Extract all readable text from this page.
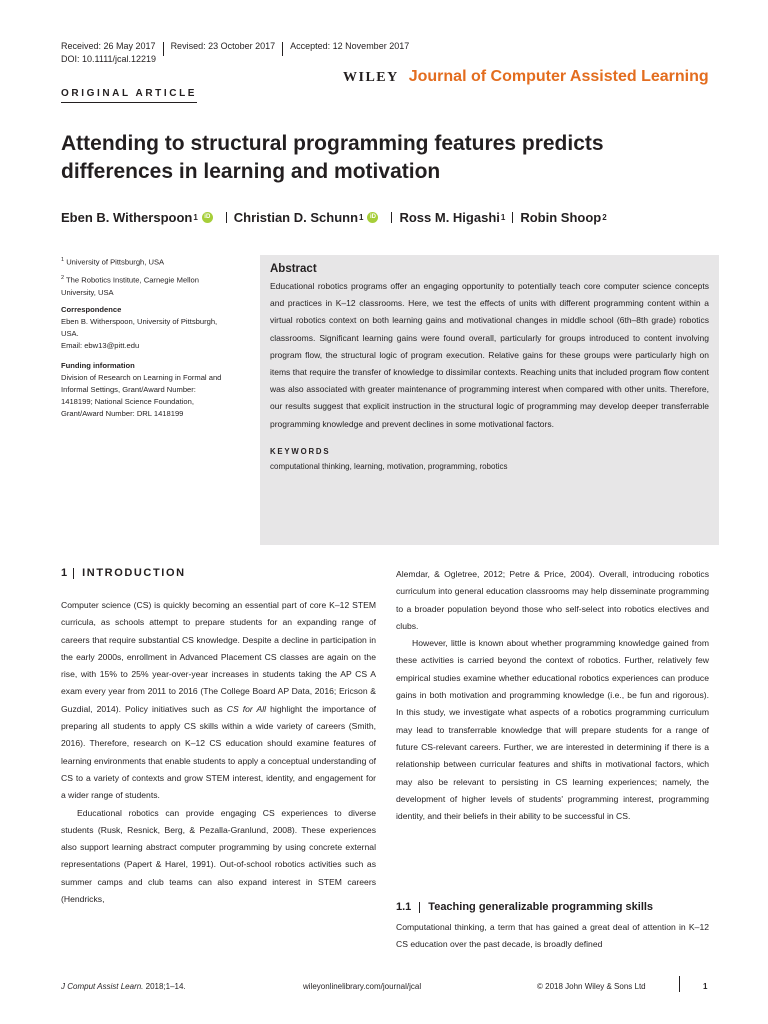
Received: 26 May 2017	Revised: 23 October 2017	Accepted: 12 November 2017
DOI: 10.1111/jcal.12219
WILEY Journal of Computer Assisted Learning
ORIGINAL ARTICLE
Attending to structural programming features predicts differences in learning and motivation
Eben B. Witherspoon 1	iD Christian D. Schunn 1	iD Ross M. Higashi 1 Robin Shoop 2
$^1$ University of Pittsburgh, USA
$^2$ The Robotics Institute, Carnegie Mellon
University, USA
Correspondence
Eben B. Witherspoon, University of Pittsburgh,
USA.
Email: ebw13@pitt.edu
Funding information
Division of Research on Learning in Formal and
Informal Settings, Grant/Award Number:
1418199; National Science Foundation,
Grant/Award Number: DRL 1418199
Abstract
Educational robotics programs offer an engaging opportunity to potentially teach core computer science concepts and practices in K–12 classrooms. Here, we test the effects of units with different programming content within a virtual robotics context on both learning gains and motivational changes in middle school (6th–8th grade) robotics classrooms. Significant learning gains were found overall, particularly for groups introduced to content involving program flow, the structural logic of program execution. Relative gains for these groups were particularly high on items that require the transfer of knowledge to dissimilar contexts. Reaching units that included program flow content was also associated with greater maintenance of programming interest when compared with other units. Therefore, our results suggest that explicit instruction in the structural logic of programming may develop deeper transferrable programming knowledge and prevent declines in some motivational factors.
KEYWORDS
computational thinking, learning, motivation, programming, robotics
1 INTRODUCTION

Computer science (CS) is quickly becoming an essential part of core K–12 STEM curricula, as schools attempt to prepare students for an expanding range of careers that require substantial CS knowledge. Despite a decline in participation in the early 2000s, enrollment in Advanced Placement CS classes are again on the rise, with 15% to 25% year-over-year increases in students taking the AP CS A exam every year from 2011 to 2016 (The College Board AP Data, 2016; Ericson & Guzdial, 2014). Policy initiatives such as CS for All highlight the importance of preparing all students to apply CS skills within a wide variety of careers (Smith, 2016). Therefore, research on K–12 CS education should examine features of learning environments that enable students to apply a conceptual understanding of CS to a variety of contexts and grow STEM interest, identity, and engagement for a wider range of students.

Educational robotics can provide engaging CS experiences to diverse students (Rusk, Resnick, Berg, & Pezalla-Granlund, 2008). These experiences also support learning abstract computer programming by using concrete external representations (Papert & Harel, 1991). Out-of-school robotics activities such as summer camps and club teams can also expand interest in STEM careers (Hendricks,

Alemdar, & Ogletree, 2012; Petre & Price, 2004). Overall, introducing robotics curriculum into general education classrooms may help disseminate programming to a broader population beyond those who self-select into robotics electives and clubs.

However, little is known about whether programming knowledge gained from these activities is carried beyond the context of robotics. Further, relatively few empirical studies examine whether educational robotics experiences can produce gains in both motivation and programming knowledge (i.e., be fun and rigorous). In this study, we investigate what aspects of a robotics programming curriculum may lead to transferrable knowledge that will prepare students for a range of future CS-relevant careers. Further, we are interested in determining if there is a relationship between curricular features and shifts in motivational factors, which may also be relevant to persisting in CS learning experiences; namely, the development of higher levels of students' programming interest, programming identity, and their beliefs in their ability to be successful in CS.

1.1 Teaching generalizable programming skills

Computational thinking, a term that has gained a great deal of attention in K–12 CS education over the past decade, is broadly defined

J Comput Assist Learn. 2018;1–14.	wileyonlinelibrary.com/journal/jcal	© 2018 John Wiley & Sons Ltd	1
